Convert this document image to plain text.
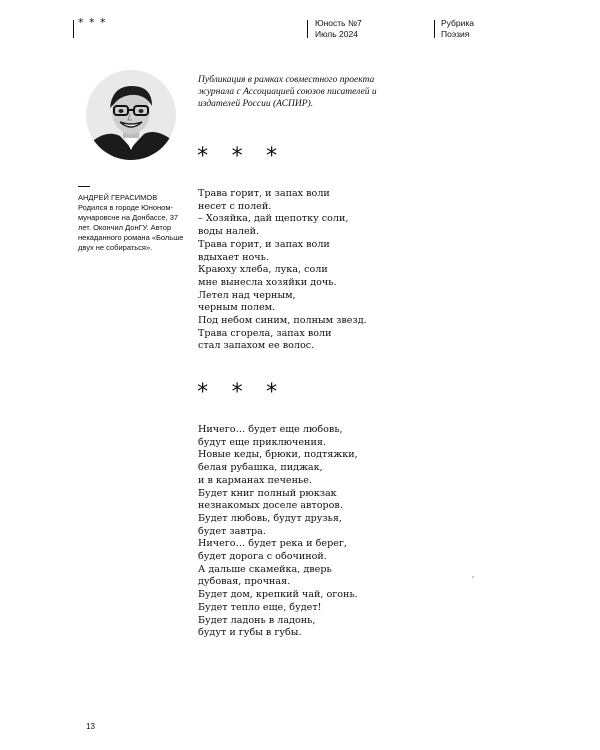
* * *	Юность №7
Июль 2024
Рубрика
Поэзия
АНДРЕЙ ГЕРАСИМОВ
Родился в городе Юноном-мунаровсне на Донбассе, 37 лет. Окончил ДонГУ. Автор некаданного романа «Больше двух не собираться».
Публикация в рамках совместного проекта журнала с Ассоциацией союзов писателей и издателей России (АСПИР).
* * *
Трава горит, и запах воли
несет с полей.
– Хозяйка, дай щепотку соли,
воды налей.
Трава горит, и запах воли
вдыхает ночь.
Краюху хлеба, лука, соли
мне вынесла хозяйки дочь.
Летел над черным,
черным полем.
Под небом синим, полным звезд.
Трава сгорела, запах воли
стал запахом ее волос.
* * *
Ничего… будет еще любовь,
будут еще приключения.
Новые кеды, брюки, подтяжки,
белая рубашка, пиджак,
и в карманах печенье.
Будет книг полный рюкзак
незнакомых доселе авторов.
Будет любовь, будут друзья,
будет завтра.
Ничего… будет река и берег,
будет дорога с обочиной.
А дальше скамейка, дверь
дубовая, прочная.
Будет дом, крепкий чай, огонь.
Будет тепло еще, будет!
Будет ладонь в ладонь,
будут и губы в губы.
13
